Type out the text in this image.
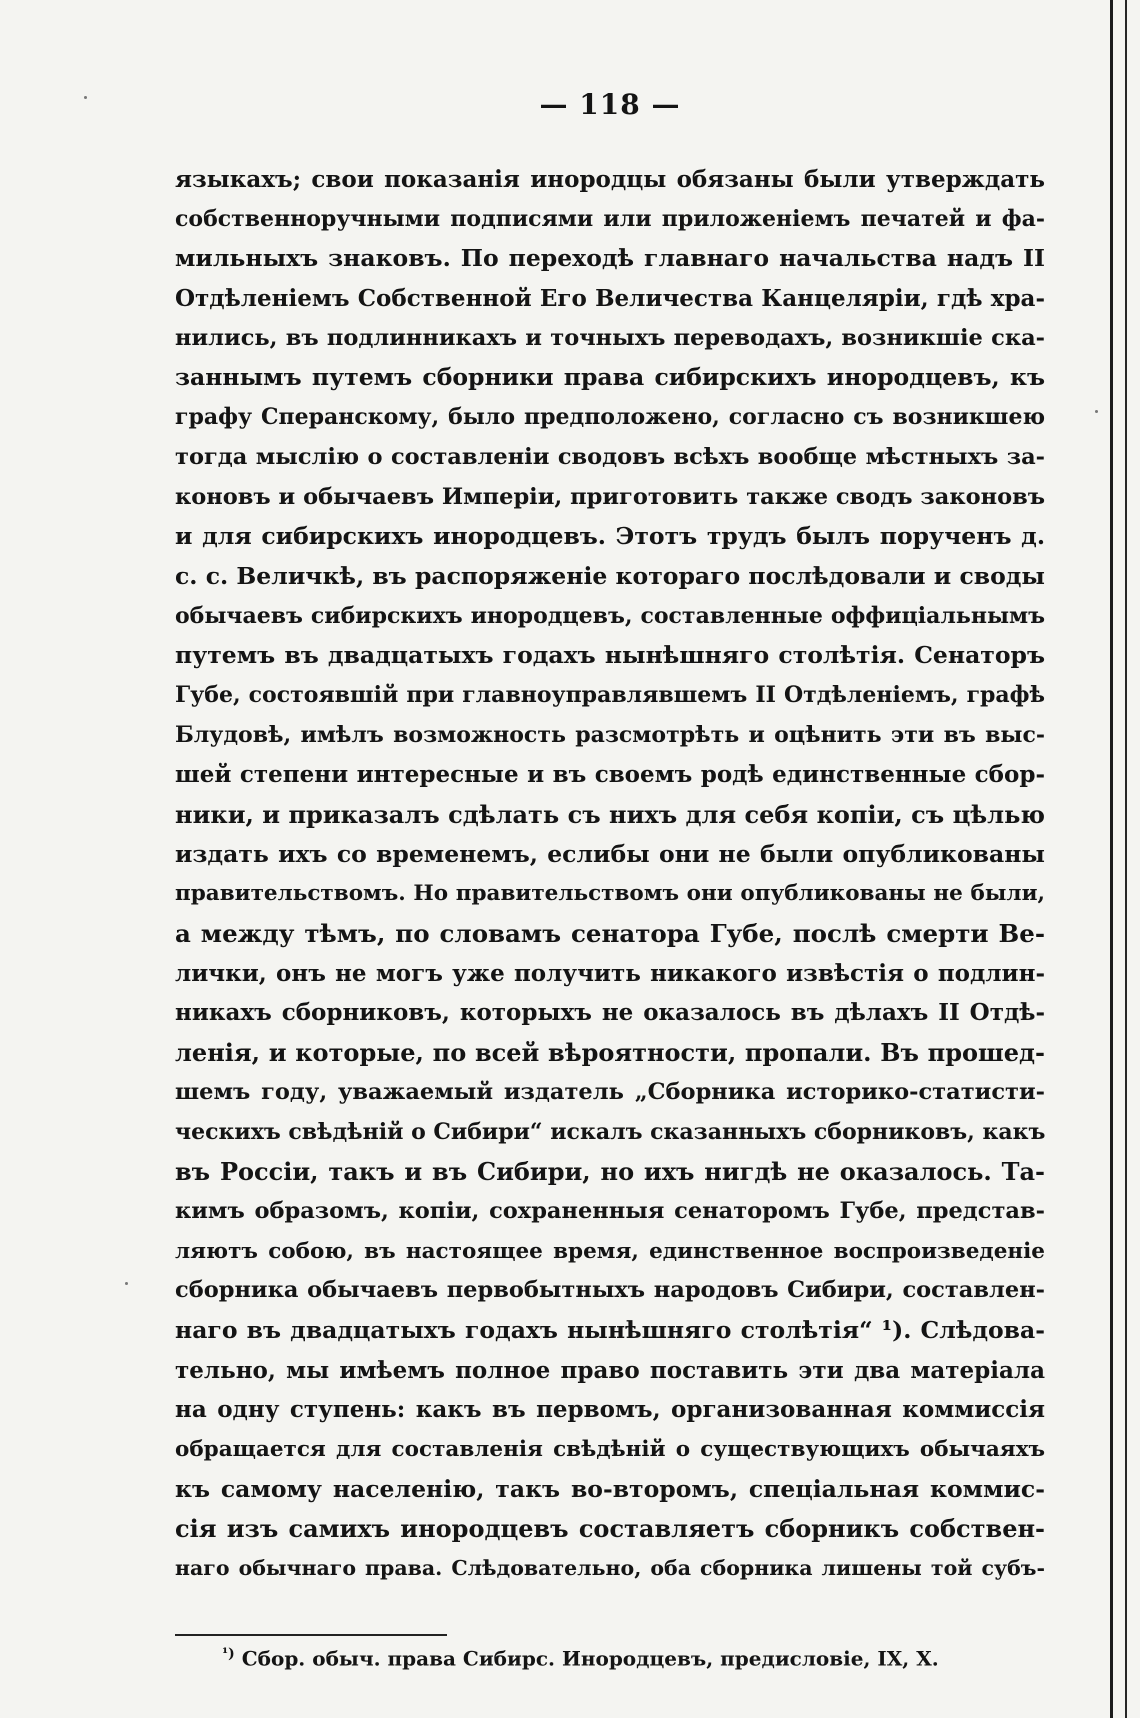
— 118 —
языкахъ; свои показанія инородцы обязаны были утверждать
собственноручными подписями или приложеніемъ печатей и фа-
мильныхъ знаковъ. По переходѣ главнаго начальства надъ II
Отдѣленіемъ Собственной Его Величества Канцеляріи, гдѣ хра-
нились, въ подлинникахъ и точныхъ переводахъ, возникшіе ска-
заннымъ путемъ сборники права сибирскихъ инородцевъ, къ
графу Сперанскому, было предположено, согласно съ возникшею
тогда мыслію о составленіи сводовъ всѣхъ вообще мѣстныхъ за-
коновъ и обычаевъ Имперіи, приготовить также сводъ законовъ
и для сибирскихъ инородцевъ. Этотъ трудъ былъ порученъ д.
с. с. Величкѣ, въ распоряженіе котораго послѣдовали и своды
обычаевъ сибирскихъ инородцевъ, составленные оффиціальнымъ
путемъ въ двадцатыхъ годахъ нынѣшняго столѣтія. Сенаторъ
Губе, состоявшій при главноуправлявшемъ II Отдѣленіемъ, графѣ
Блудовѣ, имѣлъ возможность разсмотрѣть и оцѣнить эти въ выс-
шей степени интересные и въ своемъ родѣ единственные сбор-
ники, и приказалъ сдѣлать съ нихъ для себя копіи, съ цѣлью
издать ихъ со временемъ, еслибы они не были опубликованы
правительствомъ. Но правительствомъ они опубликованы не были,
а между тѣмъ, по словамъ сенатора Губе, послѣ смерти Ве-
лички, онъ не могъ уже получить никакого извѣстія о подлин-
никахъ сборниковъ, которыхъ не оказалось въ дѣлахъ II Отдѣ-
ленія, и которые, по всей вѣроятности, пропали. Въ прошед-
шемъ году, уважаемый издатель „Сборника историко-статисти-
ческихъ свѣдѣній о Сибири“ искалъ сказанныхъ сборниковъ, какъ
въ Россіи, такъ и въ Сибири, но ихъ нигдѣ не оказалось. Та-
кимъ образомъ, копіи, сохраненныя сенаторомъ Губе, представ-
ляютъ собою, въ настоящее время, единственное воспроизведеніе
сборника обычаевъ первобытныхъ народовъ Сибири, составлен-
наго въ двадцатыхъ годахъ нынѣшняго столѣтія“ ¹). Слѣдова-
тельно, мы имѣемъ полное право поставить эти два матеріала
на одну ступень: какъ въ первомъ, организованная коммиссія
обращается для составленія свѣдѣній о существующихъ обычаяхъ
къ самому населенію, такъ во-второмъ, спеціальная коммис-
сія изъ самихъ инородцевъ составляетъ сборникъ собствен-
наго обычнаго права. Слѣдовательно, оба сборника лишены той субъ-
$^{^1)}$ Сбор. обыч. права Сибирс. Инородцевъ, предисловіе, IX, X.
